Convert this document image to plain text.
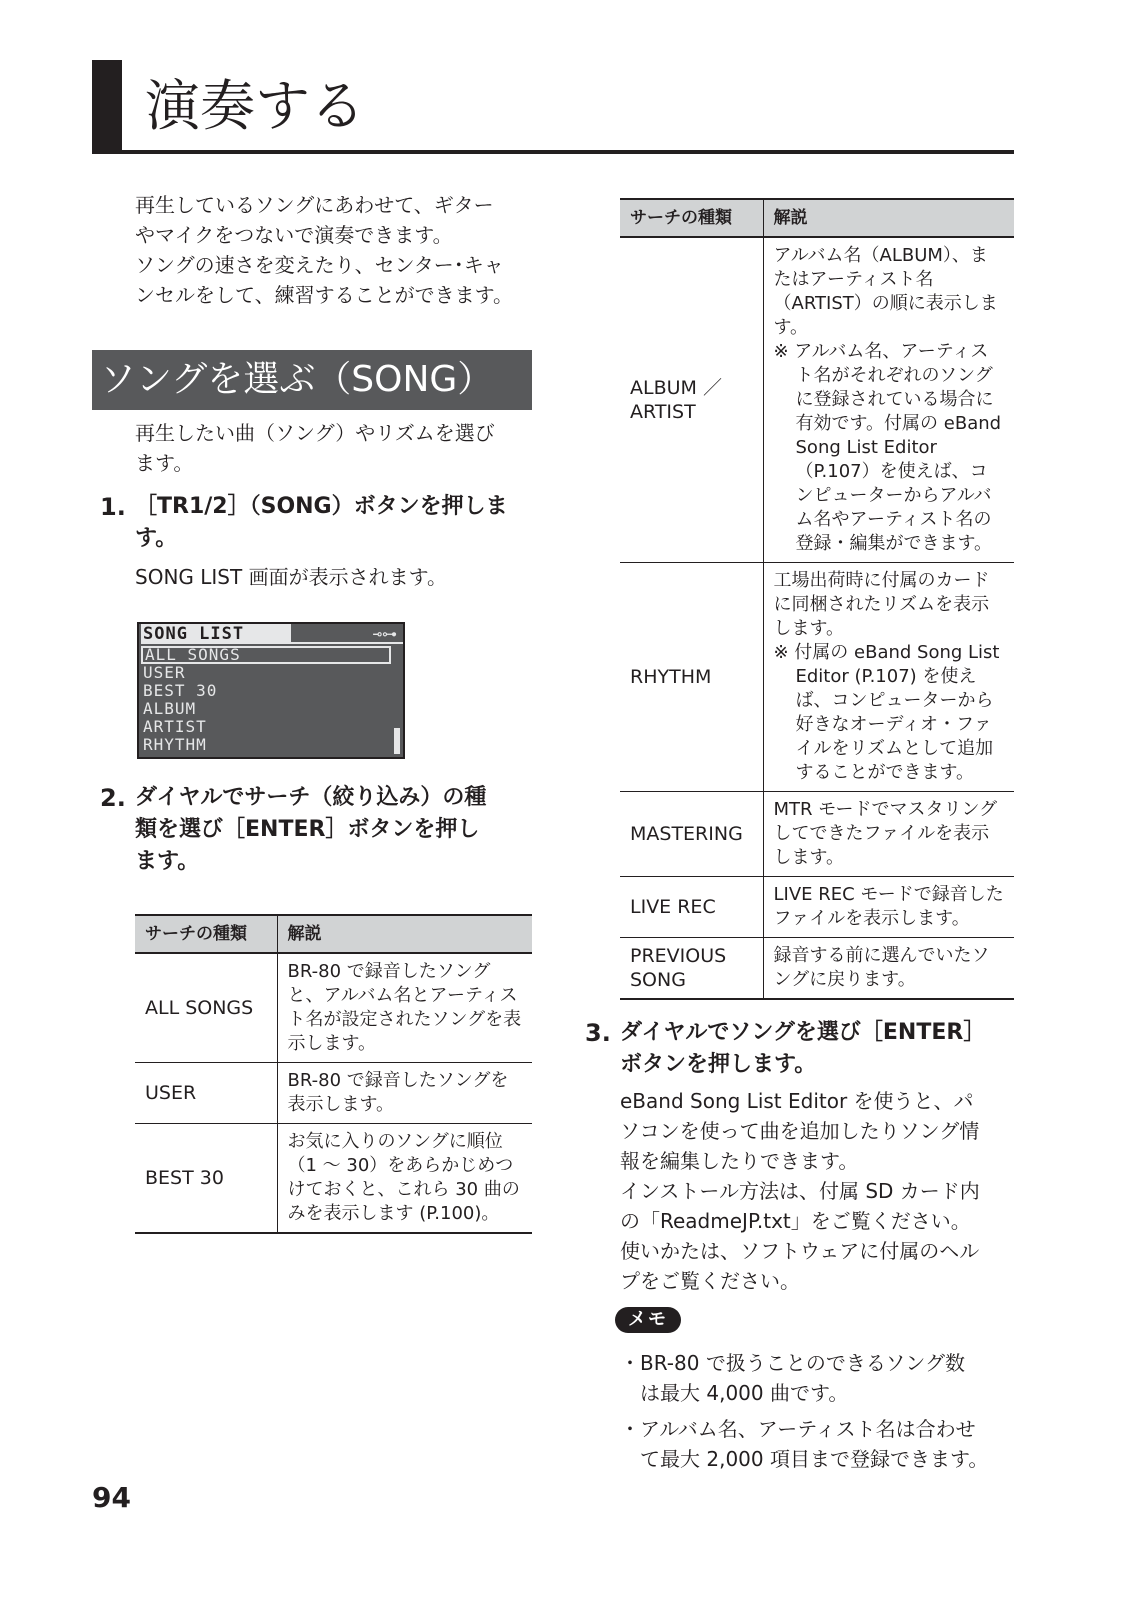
演奏する
再生しているソングにあわせて、ギター
やマイクをつないで演奏できます。
ソングの速さを変えたり、センター･キャ
ンセルをして、練習することができます。
ソングを選ぶ（SONG）
再生したい曲（ソング）やリズムを選び
ます。
1. ［TR1/2］（SONG）ボタンを押しま
す。
SONG LIST 画面が表示されます。
SONG LIST	⊸⊶
ALL SONGS
USER
BEST 30
ALBUM
ARTIST
RHYTHM
2. ダイヤルでサーチ（絞り込み）の種
類を選び［ENTER］ボタンを押し
ます。
サーチの種類	解説
ALL SONGS	BR-80 で録音したソングと、アルバム名とアーティスト名が設定されたソングを表示します。
USER	BR-80 で録音したソングを表示します。
BEST 30	お気に入りのソングに順位（1 〜 30）をあらかじめつけておくと、これら 30 曲のみを表示します (P.100)。
サーチの種類	解説
ALBUM ／ ARTIST	アルバム名（ALBUM）、またはアーティスト名（ARTIST）の順に表示します。
※ アルバム名、アーティスト名がそれぞれのソングに登録されている場合に有効です。付属の eBand Song List Editor（P.107）を使えば、コンピューターからアルバム名やアーティスト名の登録・編集ができます。

RHYTHM	工場出荷時に付属のカードに同梱されたリズムを表示します。
※ 付属の eBand Song List Editor (P.107) を使えば、コンピューターから好きなオーディオ・ファイルをリズムとして追加することができます。

MASTERING	MTR モードでマスタリングしてできたファイルを表示します。
LIVE REC	LIVE REC モードで録音したファイルを表示します。
PREVIOUS SONG	録音する前に選んでいたソングに戻ります。
3. ダイヤルでソングを選び［ENTER］
ボタンを押します。
eBand Song List Editor を使うと、パ
ソコンを使って曲を追加したりソング情
報を編集したりできます。
インストール方法は、付属 SD カード内
の「ReadmeJP.txt」をご覧ください。
使いかたは、ソフトウェアに付属のヘル
プをご覧ください。
メモ
・BR-80 で扱うことのできるソング数
　は最大 4,000 曲です。
・アルバム名、アーティスト名は合わせ
　て最大 2,000 項目まで登録できます。
94
